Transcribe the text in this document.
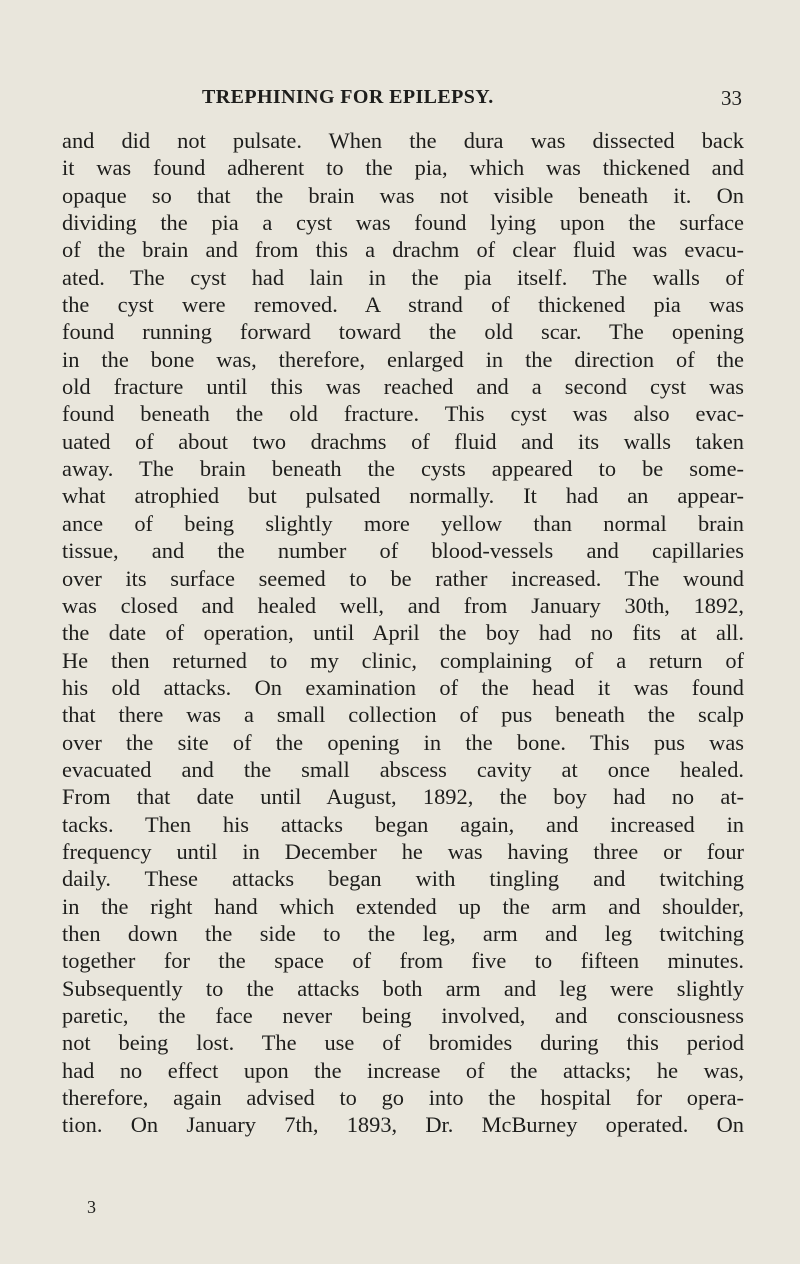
TREPHINING FOR EPILEPSY.	33
and did not pulsate. When the dura was dissected back
it was found adherent to the pia, which was thickened and
opaque so that the brain was not visible beneath it. On
dividing the pia a cyst was found lying upon the surface
of the brain and from this a drachm of clear fluid was evacu-
ated. The cyst had lain in the pia itself. The walls of
the cyst were removed. A strand of thickened pia was
found running forward toward the old scar. The opening
in the bone was, therefore, enlarged in the direction of the
old fracture until this was reached and a second cyst was
found beneath the old fracture. This cyst was also evac-
uated of about two drachms of fluid and its walls taken
away. The brain beneath the cysts appeared to be some-
what atrophied but pulsated normally. It had an appear-
ance of being slightly more yellow than normal brain
tissue, and the number of blood-vessels and capillaries
over its surface seemed to be rather increased. The wound
was closed and healed well, and from January 30th, 1892,
the date of operation, until April the boy had no fits at all.
He then returned to my clinic, complaining of a return of
his old attacks. On examination of the head it was found
that there was a small collection of pus beneath the scalp
over the site of the opening in the bone. This pus was
evacuated and the small abscess cavity at once healed.
From that date until August, 1892, the boy had no at-
tacks. Then his attacks began again, and increased in
frequency until in December he was having three or four
daily. These attacks began with tingling and twitching
in the right hand which extended up the arm and shoulder,
then down the side to the leg, arm and leg twitching
together for the space of from five to fifteen minutes.
Subsequently to the attacks both arm and leg were slightly
paretic, the face never being involved, and consciousness
not being lost. The use of bromides during this period
had no effect upon the increase of the attacks; he was,
therefore, again advised to go into the hospital for opera-
tion. On January 7th, 1893, Dr. McBurney operated. On
3
